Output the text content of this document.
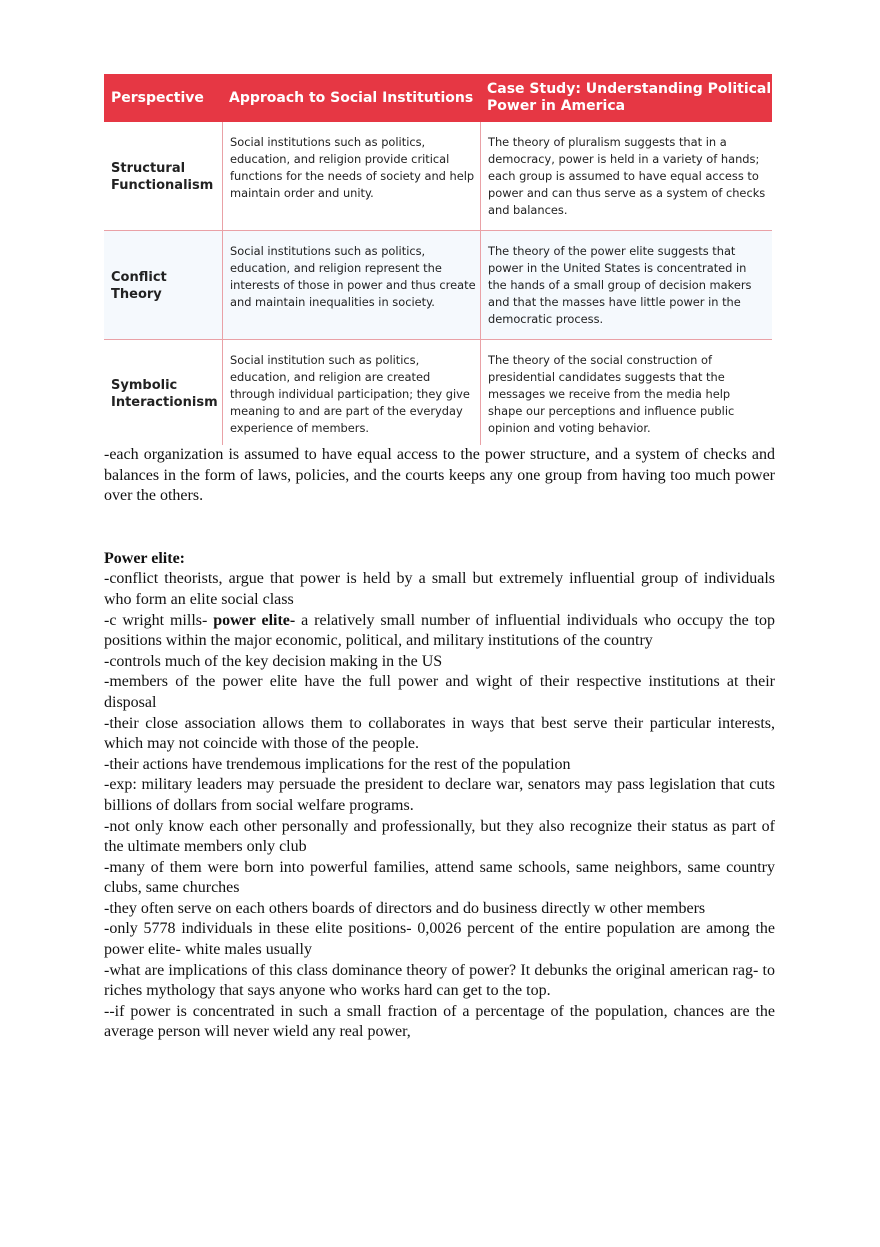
Perspective	Approach to Social Institutions
Case Study: Understanding Political Power in America
Structural Functionalism
Social institutions such as politics, education, and religion provide critical functions for the needs of society and help maintain order and unity.
The theory of pluralism suggests that in a democracy, power is held in a variety of hands; each group is assumed to have equal access to power and can thus serve as a system of checks and balances.
Conflict Theory
Social institutions such as politics, education, and religion represent the interests of those in power and thus create and maintain inequalities in society.
The theory of the power elite suggests that power in the United States is concentrated in the hands of a small group of decision makers and that the masses have little power in the democratic process.
Symbolic Interactionism
Social institution such as politics, education, and religion are created through individual participation; they give meaning to and are part of the everyday experience of members.
The theory of the social construction of presidential candidates suggests that the messages we receive from the media help shape our perceptions and influence public opinion and voting behavior.

-each organization is assumed to have equal access to the power structure, and a system of checks and balances in the form of laws, policies, and the courts keeps any one group from having too much power over the others.

Power elite:

-conflict theorists, argue that power is held by a small but extremely influential group of individuals who form an elite social class

-c wright mills- power elite- a relatively small number of influential individuals who occupy the top positions within the major economic, political, and military institutions of the country

-controls much of the key decision making in the US

-members of the power elite have the full power and wight of their respective institutions at their disposal

-their close association allows them to collaborates in ways that best serve their particular interests, which may not coincide with those of the people.

-their actions have trendemous implications for the rest of the population

-exp: military leaders may persuade the president to declare war, senators may pass legislation that cuts billions of dollars from social welfare programs.

-not only know each other personally and professionally, but they also recognize their status as part of the ultimate members only club

-many of them were born into powerful families, attend same schools, same neighbors, same country clubs, same churches

-they often serve on each others boards of directors and do business directly w other members

-only 5778 individuals in these elite positions- 0,0026 percent of the entire population are among the power elite- white males usually

-what are implications of this class dominance theory of power? It debunks the original american rag- to riches mythology that says anyone who works hard can get to the top.

--if power is concentrated in such a small fraction of a percentage of the population, chances are the average person will never wield any real power,
